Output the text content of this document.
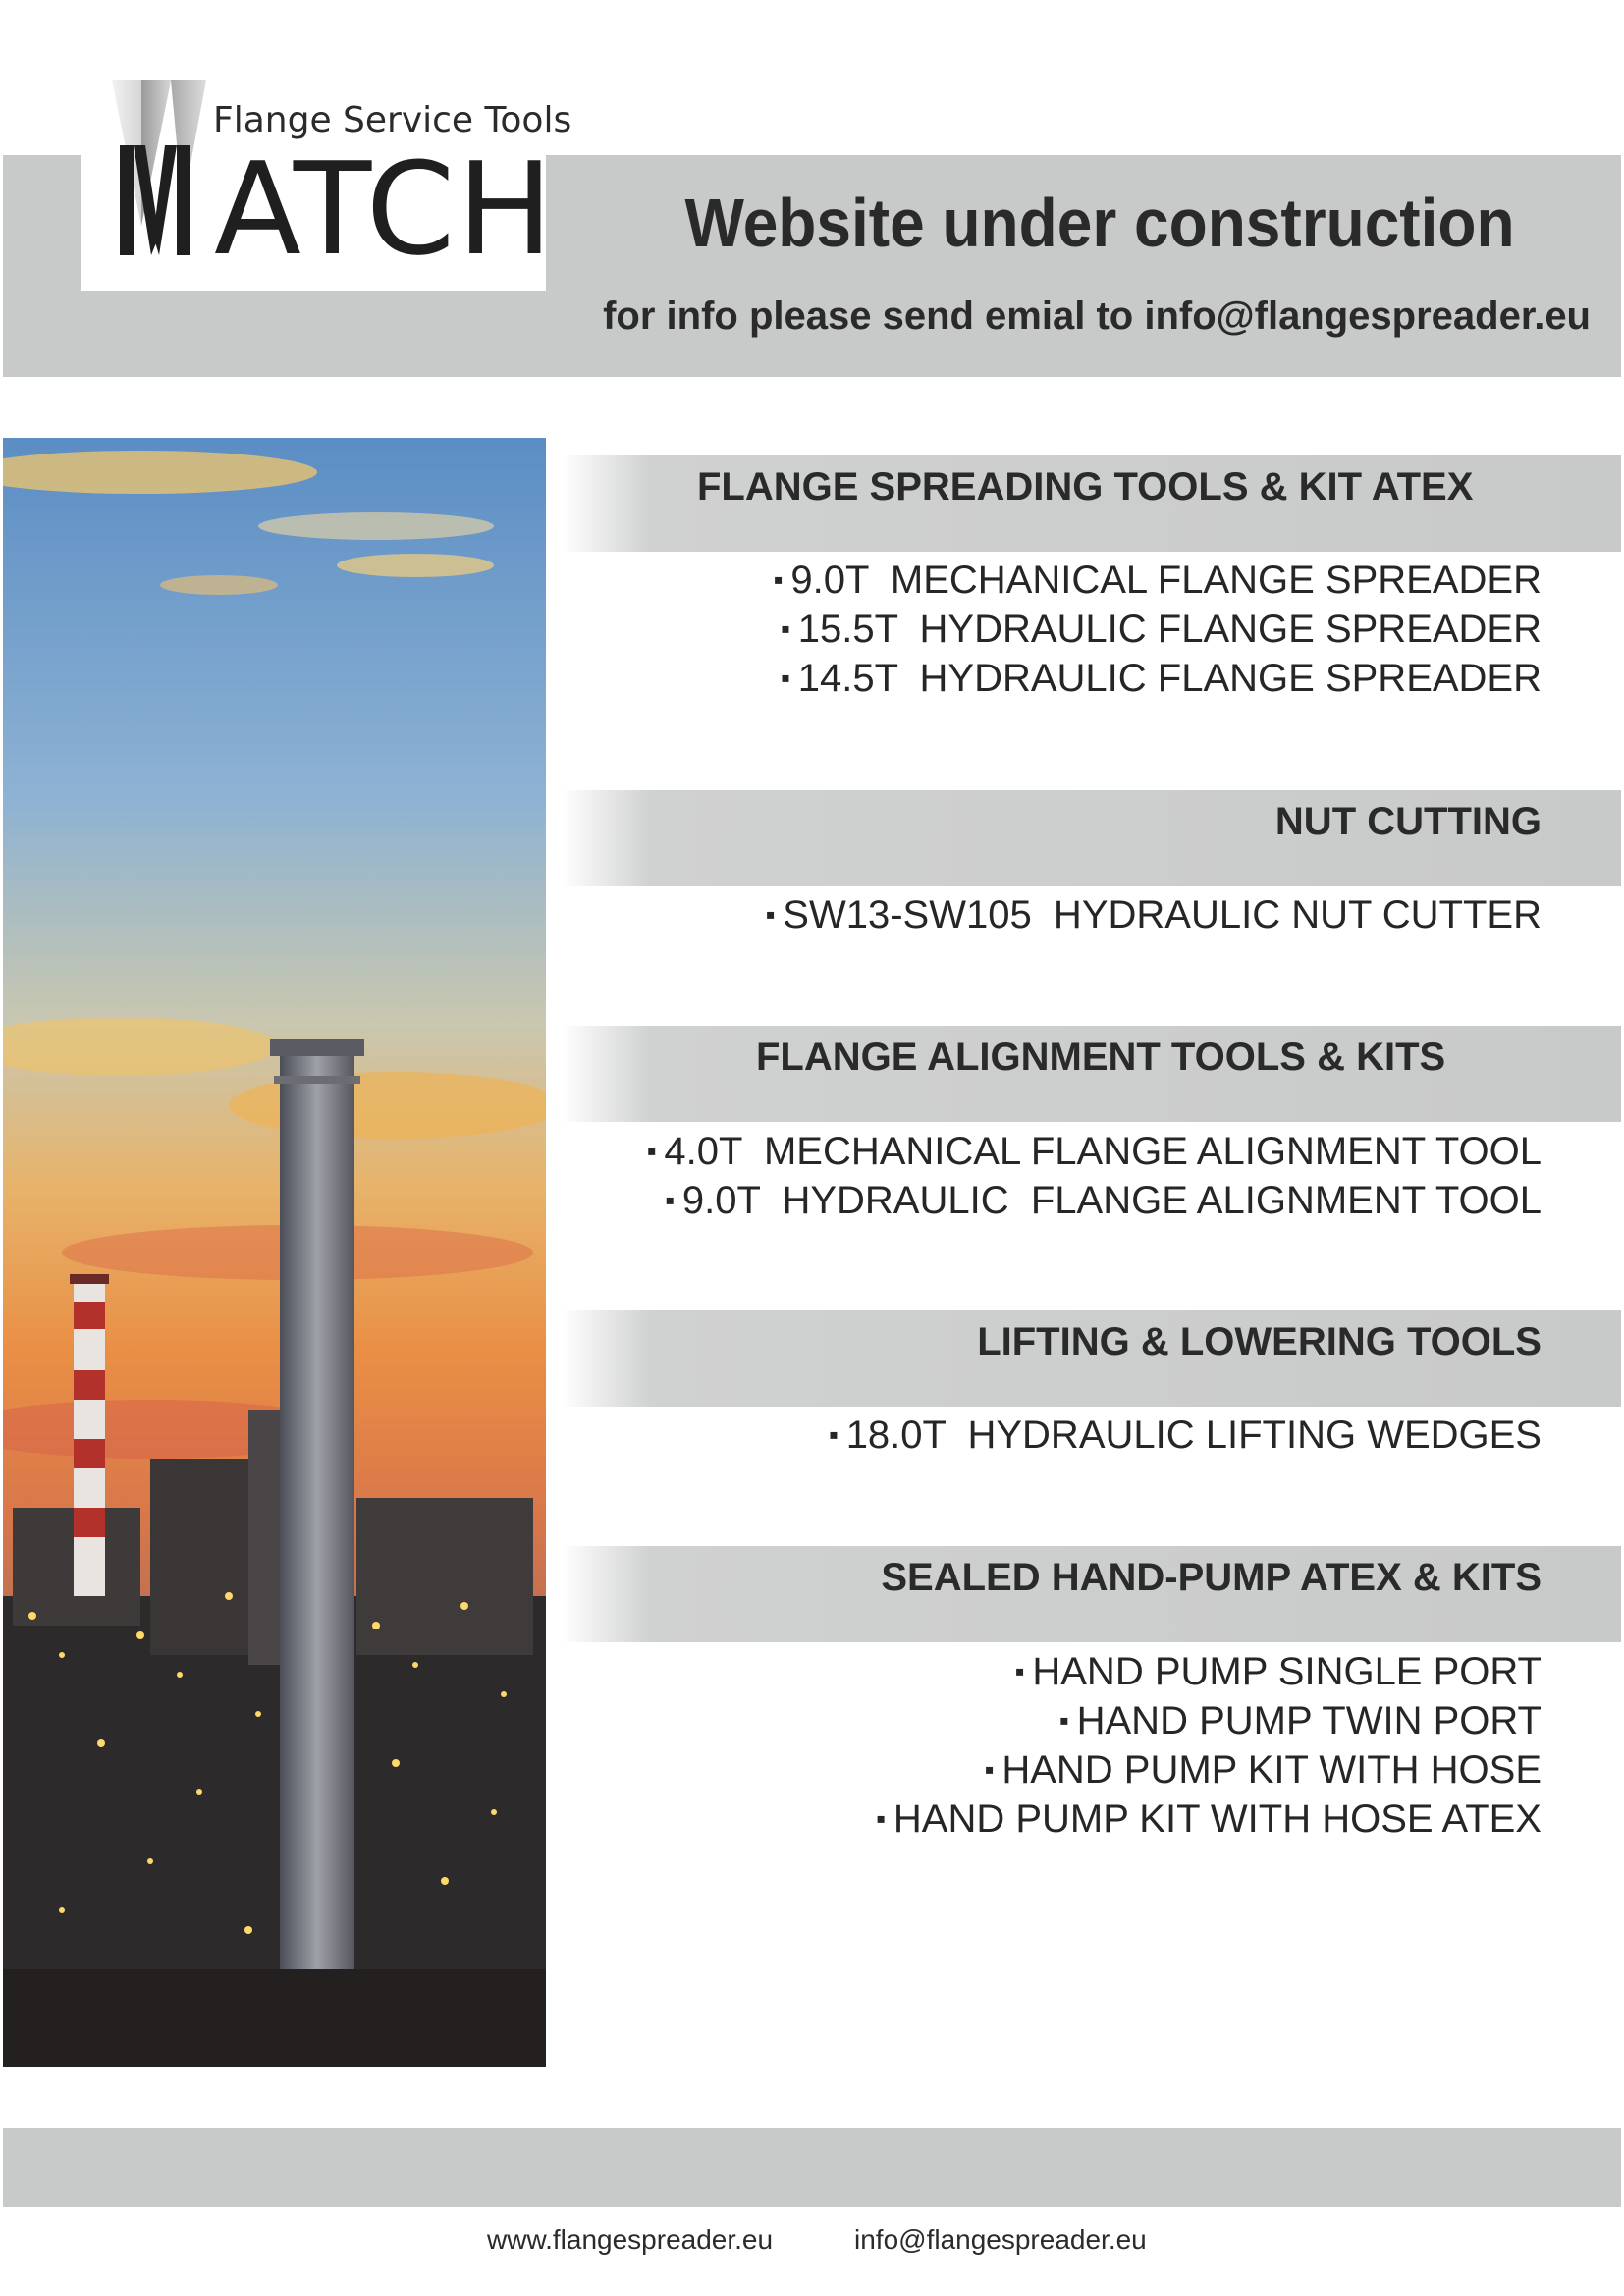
Flange Service Tools
ATCH	Website under construction
for info please send emial to info@flangespreader.eu
FLANGE SPREADING TOOLS & KIT ATEX
▪ 9.0T  MECHANICAL FLANGE SPREADER
▪ 15.5T  HYDRAULIC FLANGE SPREADER
▪ 14.5T  HYDRAULIC FLANGE SPREADER
NUT CUTTING
▪ SW13-SW105  HYDRAULIC NUT CUTTER
FLANGE ALIGNMENT TOOLS & KITS
▪ 4.0T  MECHANICAL FLANGE ALIGNMENT TOOL
▪ 9.0T  HYDRAULIC  FLANGE ALIGNMENT TOOL
LIFTING & LOWERING TOOLS
▪ 18.0T  HYDRAULIC LIFTING WEDGES
SEALED HAND-PUMP ATEX & KITS
▪ HAND PUMP SINGLE PORT
▪ HAND PUMP TWIN PORT
▪ HAND PUMP KIT WITH HOSE
▪ HAND PUMP KIT WITH HOSE ATEX
www.flangespreader.eu	info@flangespreader.eu
